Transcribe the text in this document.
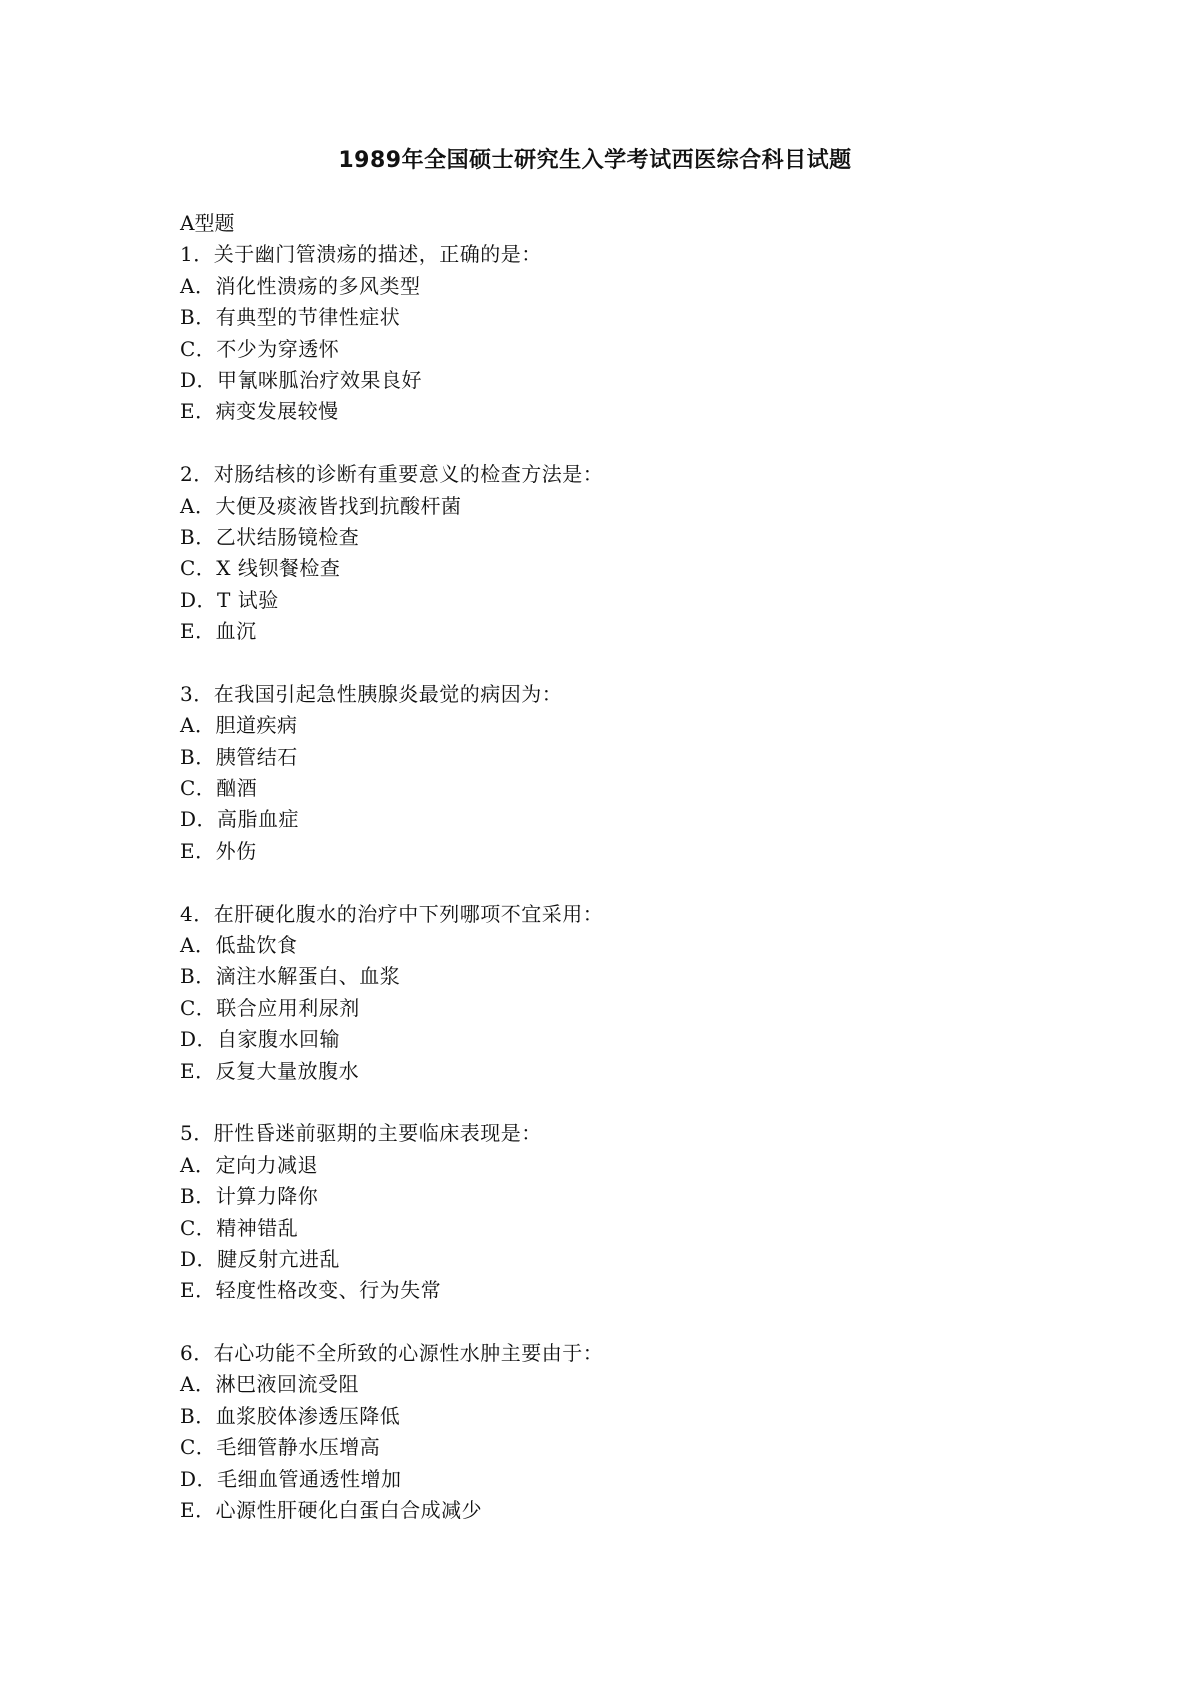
1989年全国硕士研究生入学考试西医综合科目试题
A型题
1．关于幽门管溃疡的描述，正确的是：
A．消化性溃疡的多风类型
B．有典型的节律性症状
C．不少为穿透怀
D．甲氰咪胍治疗效果良好
E．病变发展较慢
2．对肠结核的诊断有重要意义的检查方法是：
A．大便及痰液皆找到抗酸杆菌
B．乙状结肠镜检查
C．X 线钡餐检查
D．T 试验
E．血沉
3．在我国引起急性胰腺炎最觉的病因为：
A．胆道疾病
B．胰管结石
C．酗酒
D．高脂血症
E．外伤
4．在肝硬化腹水的治疗中下列哪项不宜采用：
A．低盐饮食
B．滴注水解蛋白、血浆
C．联合应用利尿剂
D．自家腹水回输
E．反复大量放腹水
5．肝性昏迷前驱期的主要临床表现是：
A．定向力减退
B．计算力降你
C．精神错乱
D．腱反射亢进乱
E．轻度性格改变、行为失常
6．右心功能不全所致的心源性水肿主要由于：
A．淋巴液回流受阻
B．血浆胶体渗透压降低
C．毛细管静水压增高
D．毛细血管通透性增加
E．心源性肝硬化白蛋白合成减少
